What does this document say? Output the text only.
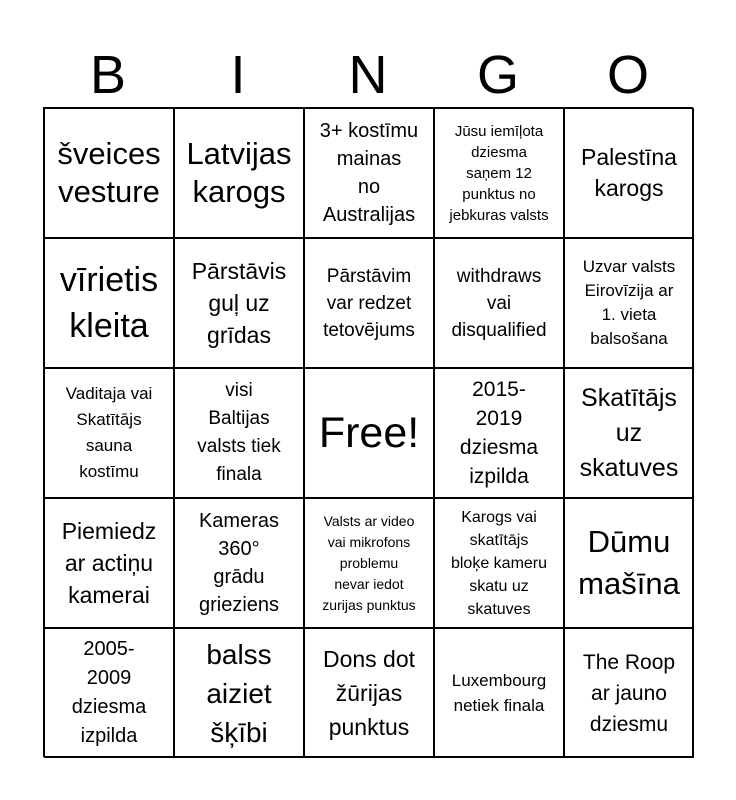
B	I	N	G	O
šveices
vesture
Latvijas
karogs
3+ kostīmu
mainas
no
Australijas
Jūsu iemīļota
dziesma
saņem 12
punktus no
jebkuras valsts
Palestīna
karogs
vīrietis
kleita
Pārstāvis
guļ uz
grīdas
Pārstāvim
var redzet
tetovējums
withdraws
vai
disqualified
Uzvar valsts
Eirovīzija ar
1. vieta
balsošana
Vaditaja vai
Skatītājs
sauna
kostīmu
visi
Baltijas
valsts tiek
finala
Free!
2015-
2019
dziesma
izpilda
Skatītājs
uz
skatuves
Piemiedz
ar actiņu
kamerai
Kameras
360°
grādu
grieziens
Valsts ar video
vai mikrofons
problemu
nevar iedot
zurijas punktus
Karogs vai
skatītājs
bloķe kameru
skatu uz
skatuves
Dūmu
mašīna
2005-
2009
dziesma
izpilda
balss
aiziet
šķībi
Dons dot
žūrijas
punktus
Luxembourg
netiek finala
The Roop
ar jauno
dziesmu
